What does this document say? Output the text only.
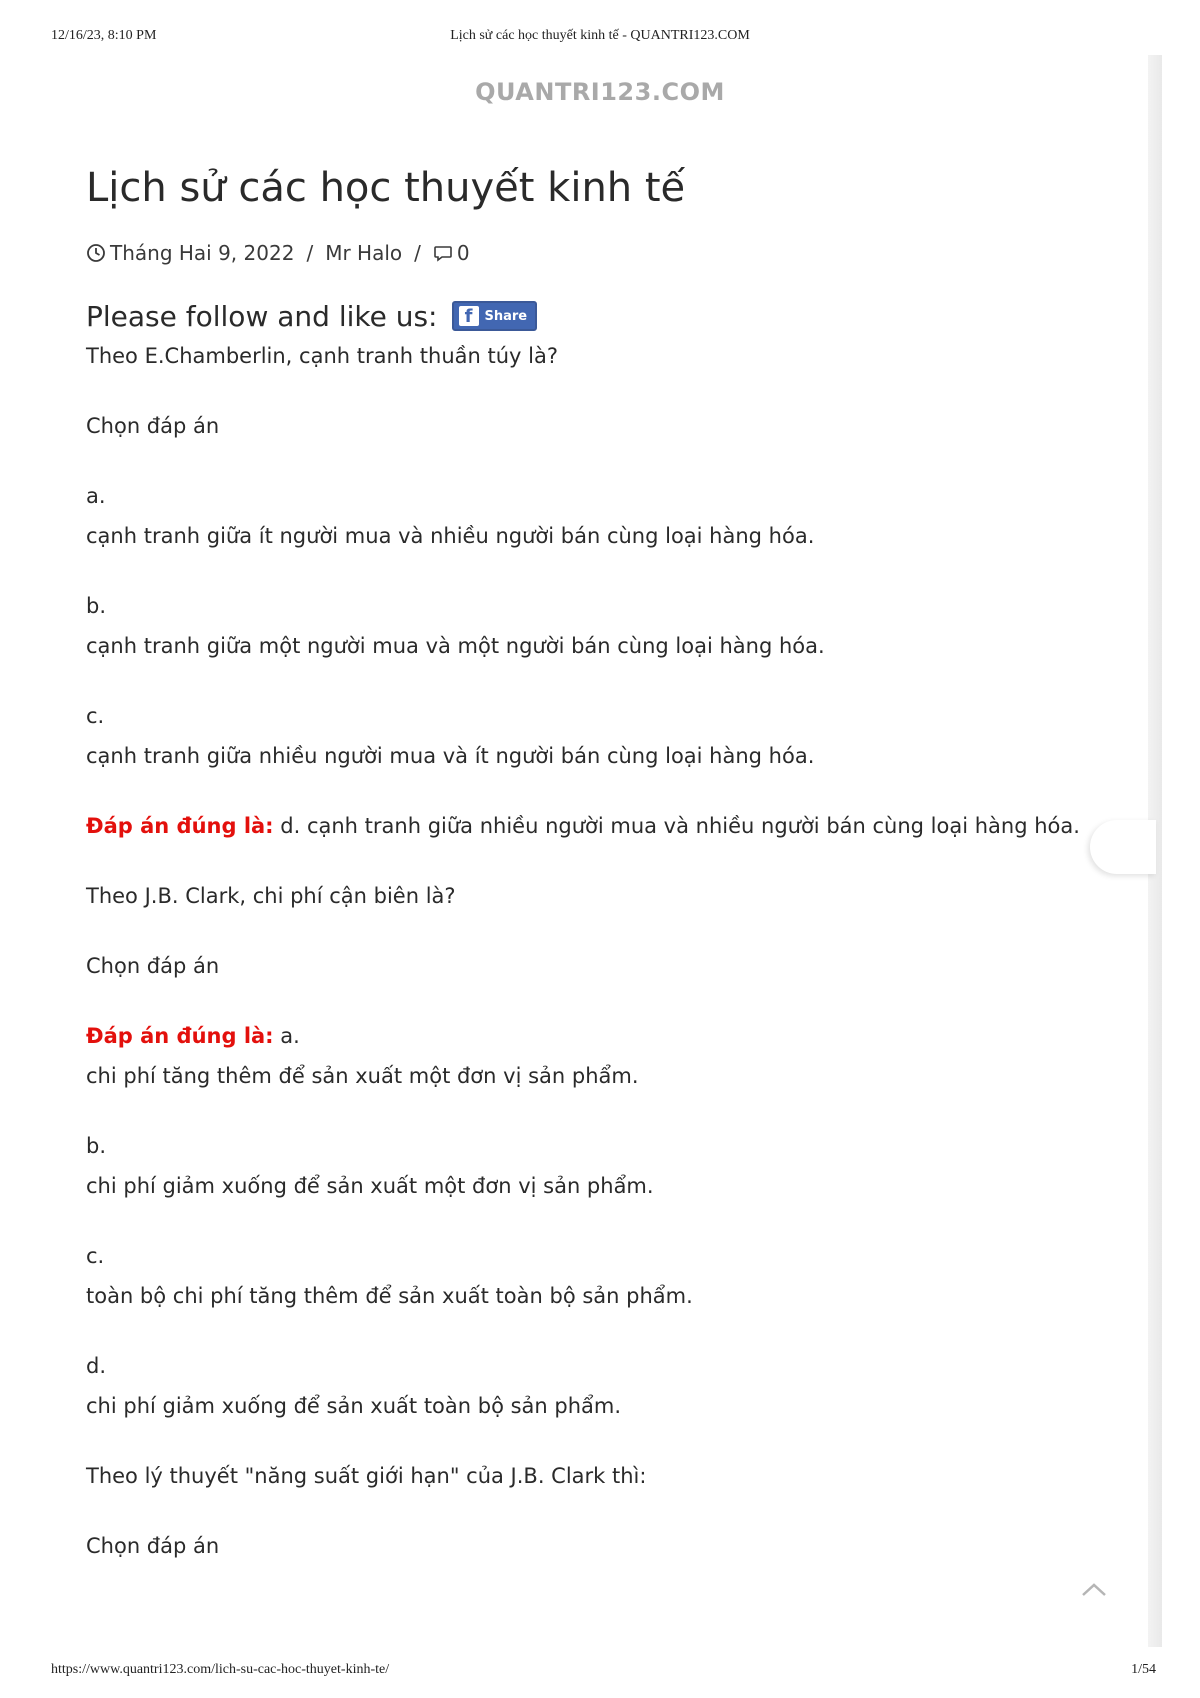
12/16/23, 8:10 PM	Lịch sử các học thuyết kinh tế - QUANTRI123.COM
QUANTRI123.COM
Lịch sử các học thuyết kinh tế
Tháng Hai 9, 2022 / Mr Halo / 0
Please follow and like us:	f Share

Theo E.Chamberlin, cạnh tranh thuần túy là?

Chọn đáp án

a.

cạnh tranh giữa ít người mua và nhiều người bán cùng loại hàng hóa.

b.

cạnh tranh giữa một người mua và một người bán cùng loại hàng hóa.

c.

cạnh tranh giữa nhiều người mua và ít người bán cùng loại hàng hóa.

Đáp án đúng là: d. cạnh tranh giữa nhiều người mua và nhiều người bán cùng loại hàng hóa.

Theo J.B. Clark, chi phí cận biên là?

Chọn đáp án

Đáp án đúng là: a.

chi phí tăng thêm để sản xuất một đơn vị sản phẩm.

b.

chi phí giảm xuống để sản xuất một đơn vị sản phẩm.

c.

toàn bộ chi phí tăng thêm để sản xuất toàn bộ sản phẩm.

d.

chi phí giảm xuống để sản xuất toàn bộ sản phẩm.

Theo lý thuyết "năng suất giới hạn" của J.B. Clark thì:

Chọn đáp án

https://www.quantri123.com/lich-su-cac-hoc-thuyet-kinh-te/	1/54
